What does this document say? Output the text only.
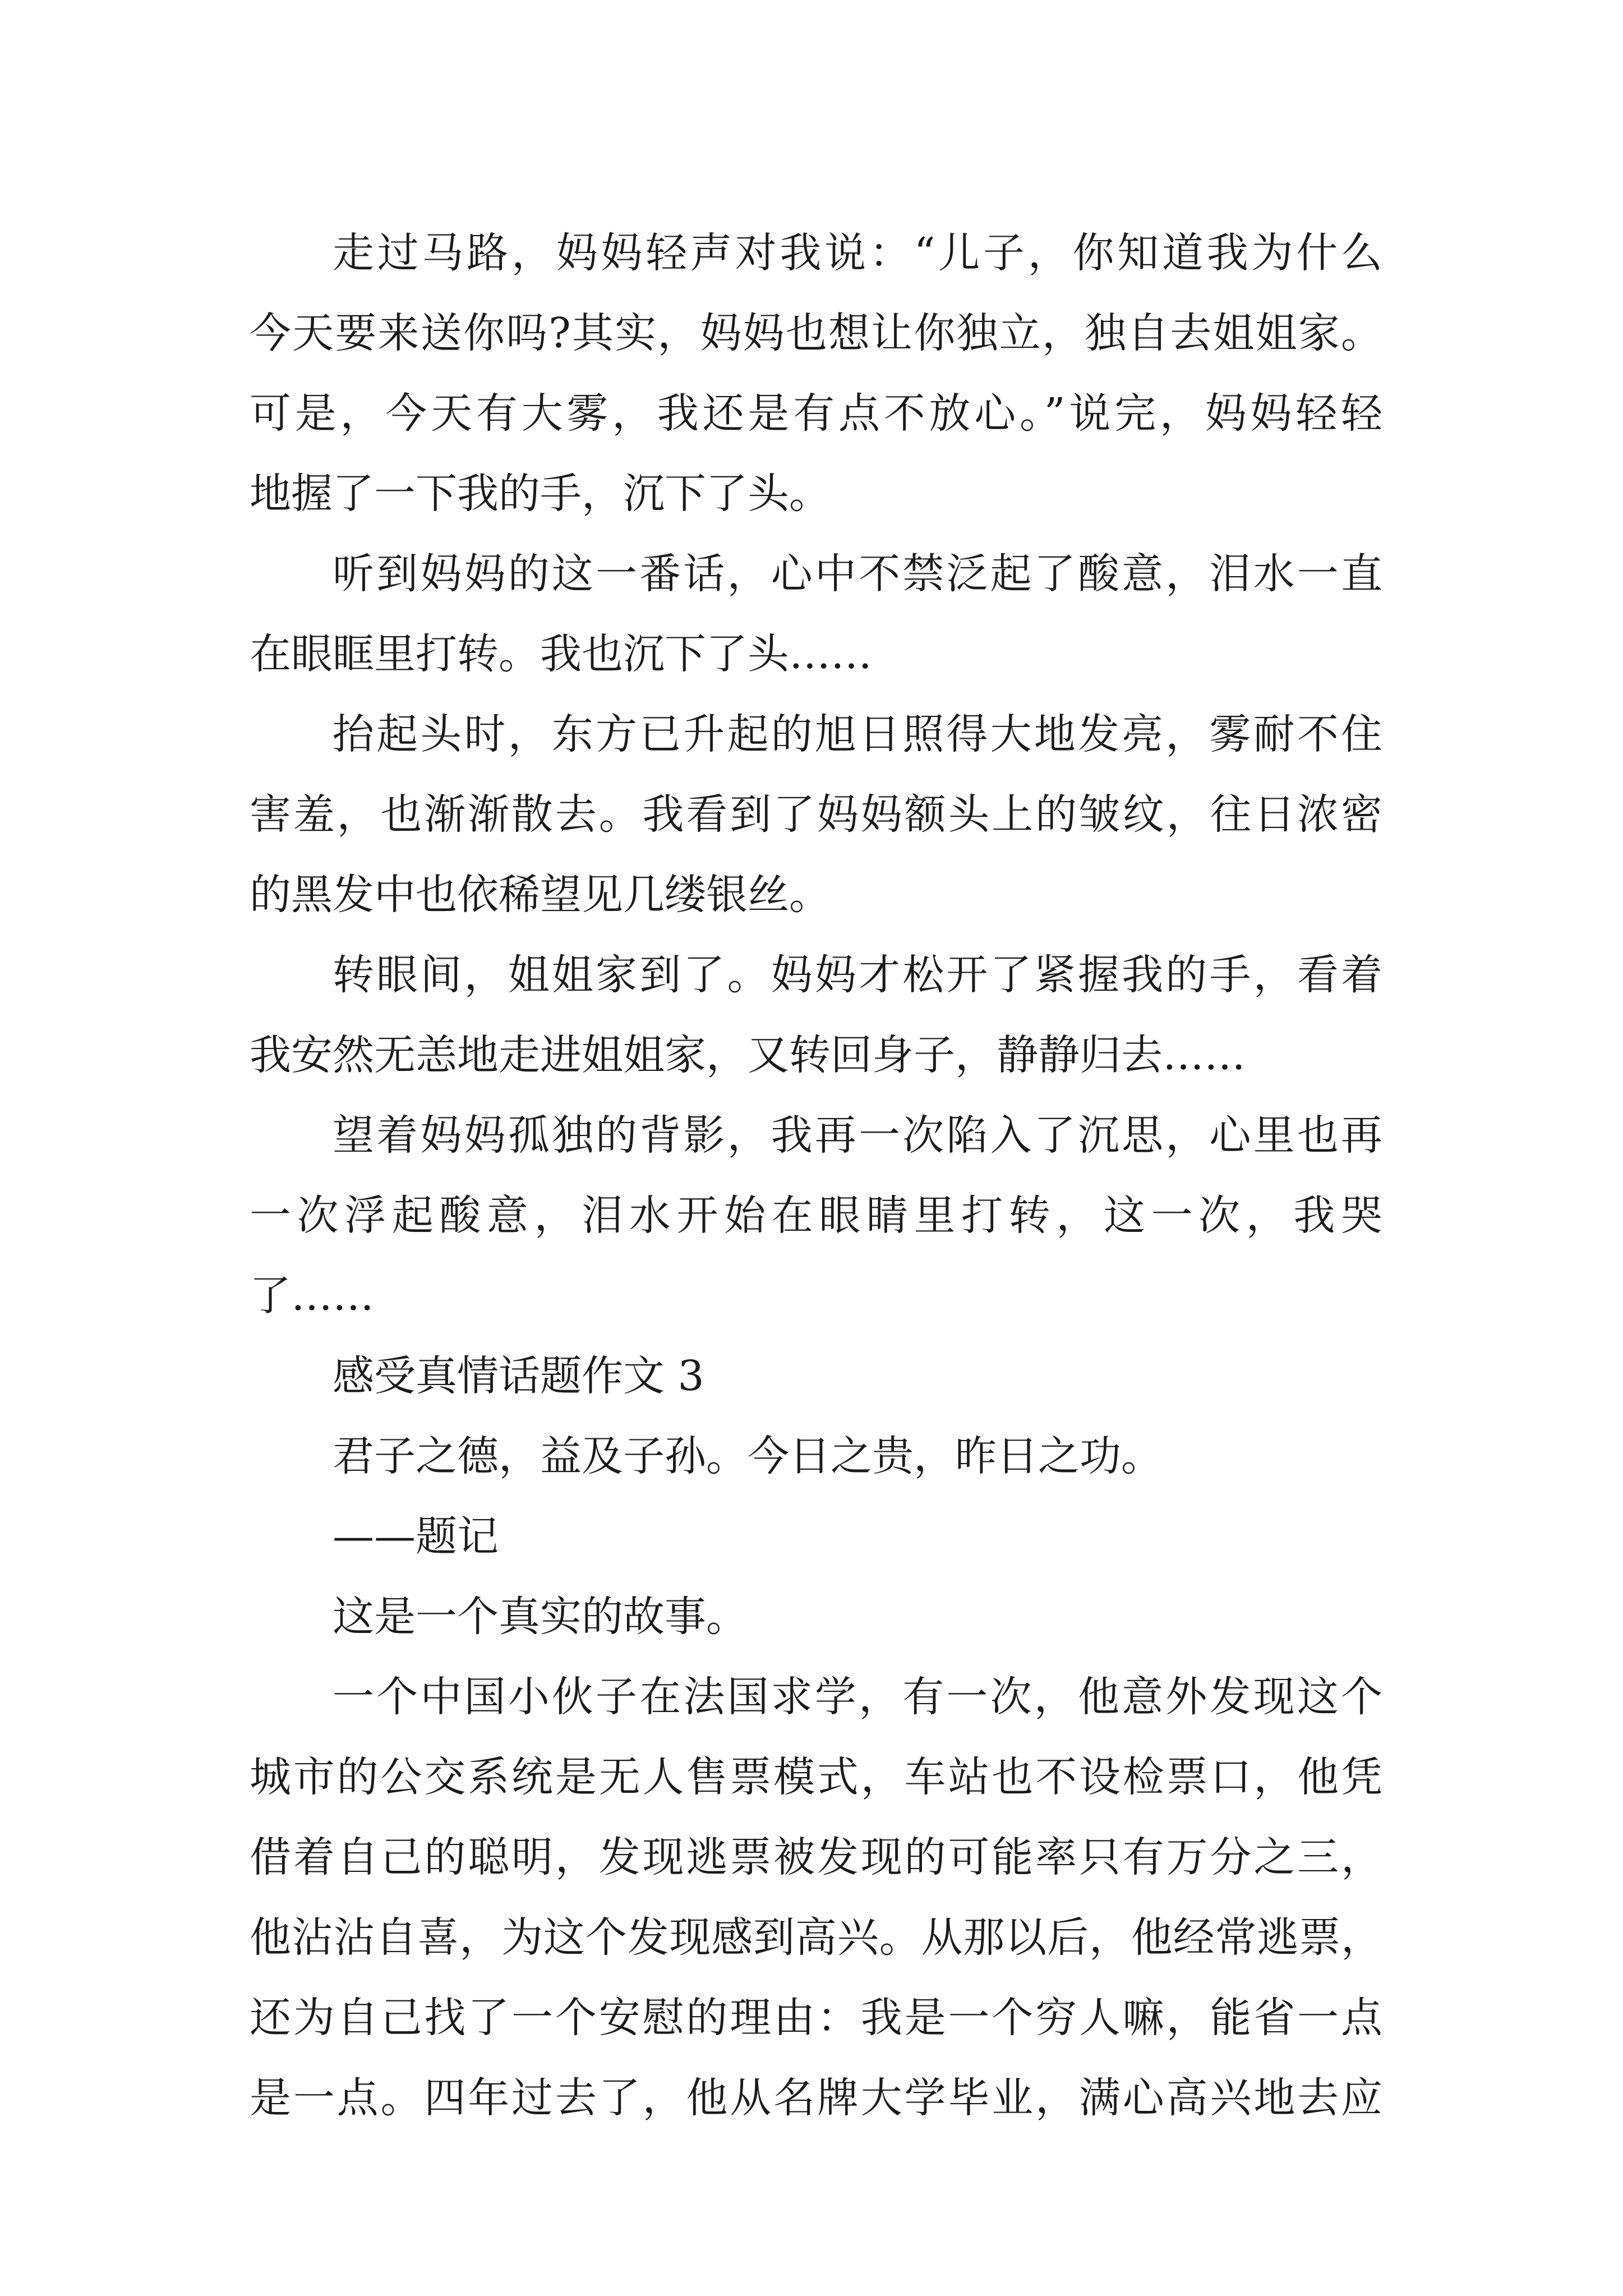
走过马路，妈妈轻声对我说：“儿子，你知道我为什么
今天要来送你吗?其实，妈妈也想让你独立，独自去姐姐家。
可是，今天有大雾，我还是有点不放心。”说完，妈妈轻轻
地握了一下我的手，沉下了头。
听到妈妈的这一番话，心中不禁泛起了酸意，泪水一直
在眼眶里打转。我也沉下了头……
抬起头时，东方已升起的旭日照得大地发亮，雾耐不住
害羞，也渐渐散去。我看到了妈妈额头上的皱纹，往日浓密
的黑发中也依稀望见几缕银丝。
转眼间，姐姐家到了。妈妈才松开了紧握我的手，看着
我安然无恙地走进姐姐家，又转回身子，静静归去……
望着妈妈孤独的背影，我再一次陷入了沉思，心里也再
一次浮起酸意，泪水开始在眼睛里打转，这一次，我哭
了……
感受真情话题作文 3
君子之德，益及子孙。今日之贵，昨日之功。
——题记
这是一个真实的故事。
一个中国小伙子在法国求学，有一次，他意外发现这个
城市的公交系统是无人售票模式，车站也不设检票口，他凭
借着自己的聪明，发现逃票被发现的可能率只有万分之三，
他沾沾自喜，为这个发现感到高兴。从那以后，他经常逃票，
还为自己找了一个安慰的理由：我是一个穷人嘛，能省一点
是一点。四年过去了，他从名牌大学毕业，满心高兴地去应
